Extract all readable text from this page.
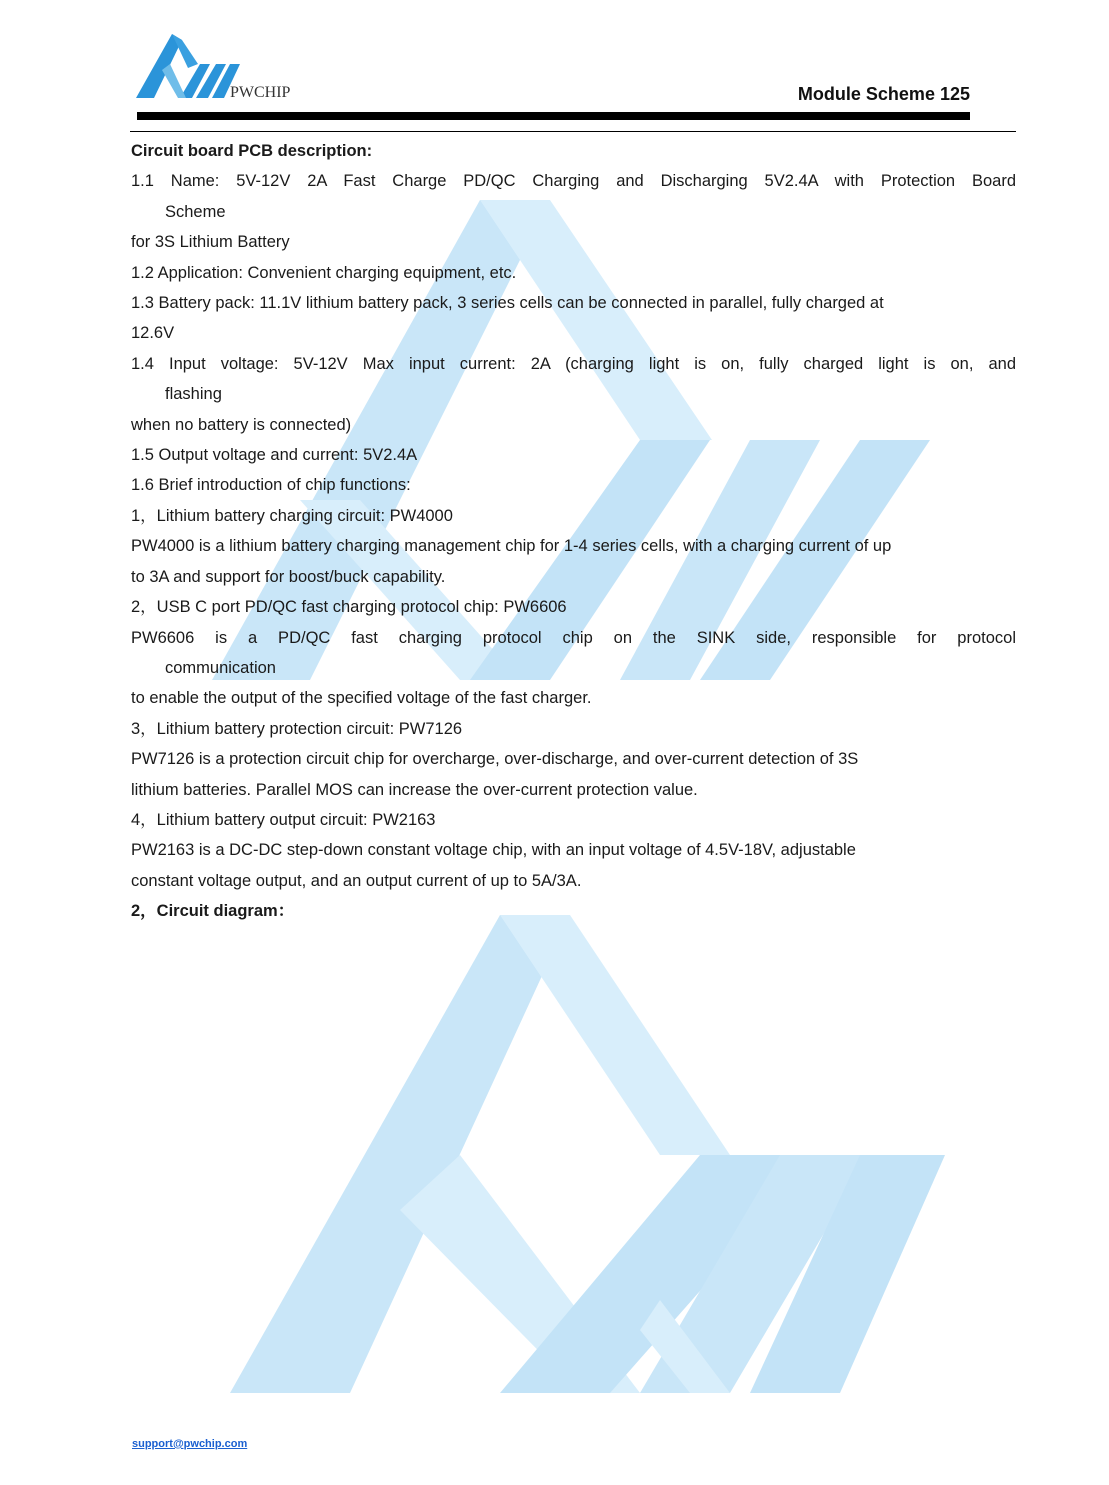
PWCHIP	Module Scheme 125
Circuit board PCB description:
1.1 Name: 5V-12V 2A Fast Charge PD/QC Charging and Discharging 5V2.4A with Protection Board
Scheme
for 3S Lithium Battery
1.2 Application: Convenient charging equipment, etc.
1.3 Battery pack: 11.1V lithium battery pack, 3 series cells can be connected in parallel, fully charged at
12.6V
1.4 Input voltage: 5V-12V Max input current: 2A (charging light is on, fully charged light is on, and
flashing
when no battery is connected)
1.5 Output voltage and current: 5V2.4A
1.6 Brief introduction of chip functions:
1，Lithium battery charging circuit: PW4000
PW4000 is a lithium battery charging management chip for 1-4 series cells, with a charging current of up
to 3A and support for boost/buck capability.
2，USB C port PD/QC fast charging protocol chip: PW6606
PW6606 is a PD/QC fast charging protocol chip on the SINK side, responsible for protocol
communication
to enable the output of the specified voltage of the fast charger.
3，Lithium battery protection circuit: PW7126
PW7126 is a protection circuit chip for overcharge, over-discharge, and over-current detection of 3S
lithium batteries. Parallel MOS can increase the over-current protection value.
4，Lithium battery output circuit: PW2163
PW2163 is a DC-DC step-down constant voltage chip, with an input voltage of 4.5V-18V, adjustable
constant voltage output, and an output current of up to 5A/3A.
2，Circuit diagram：
support@pwchip.com
